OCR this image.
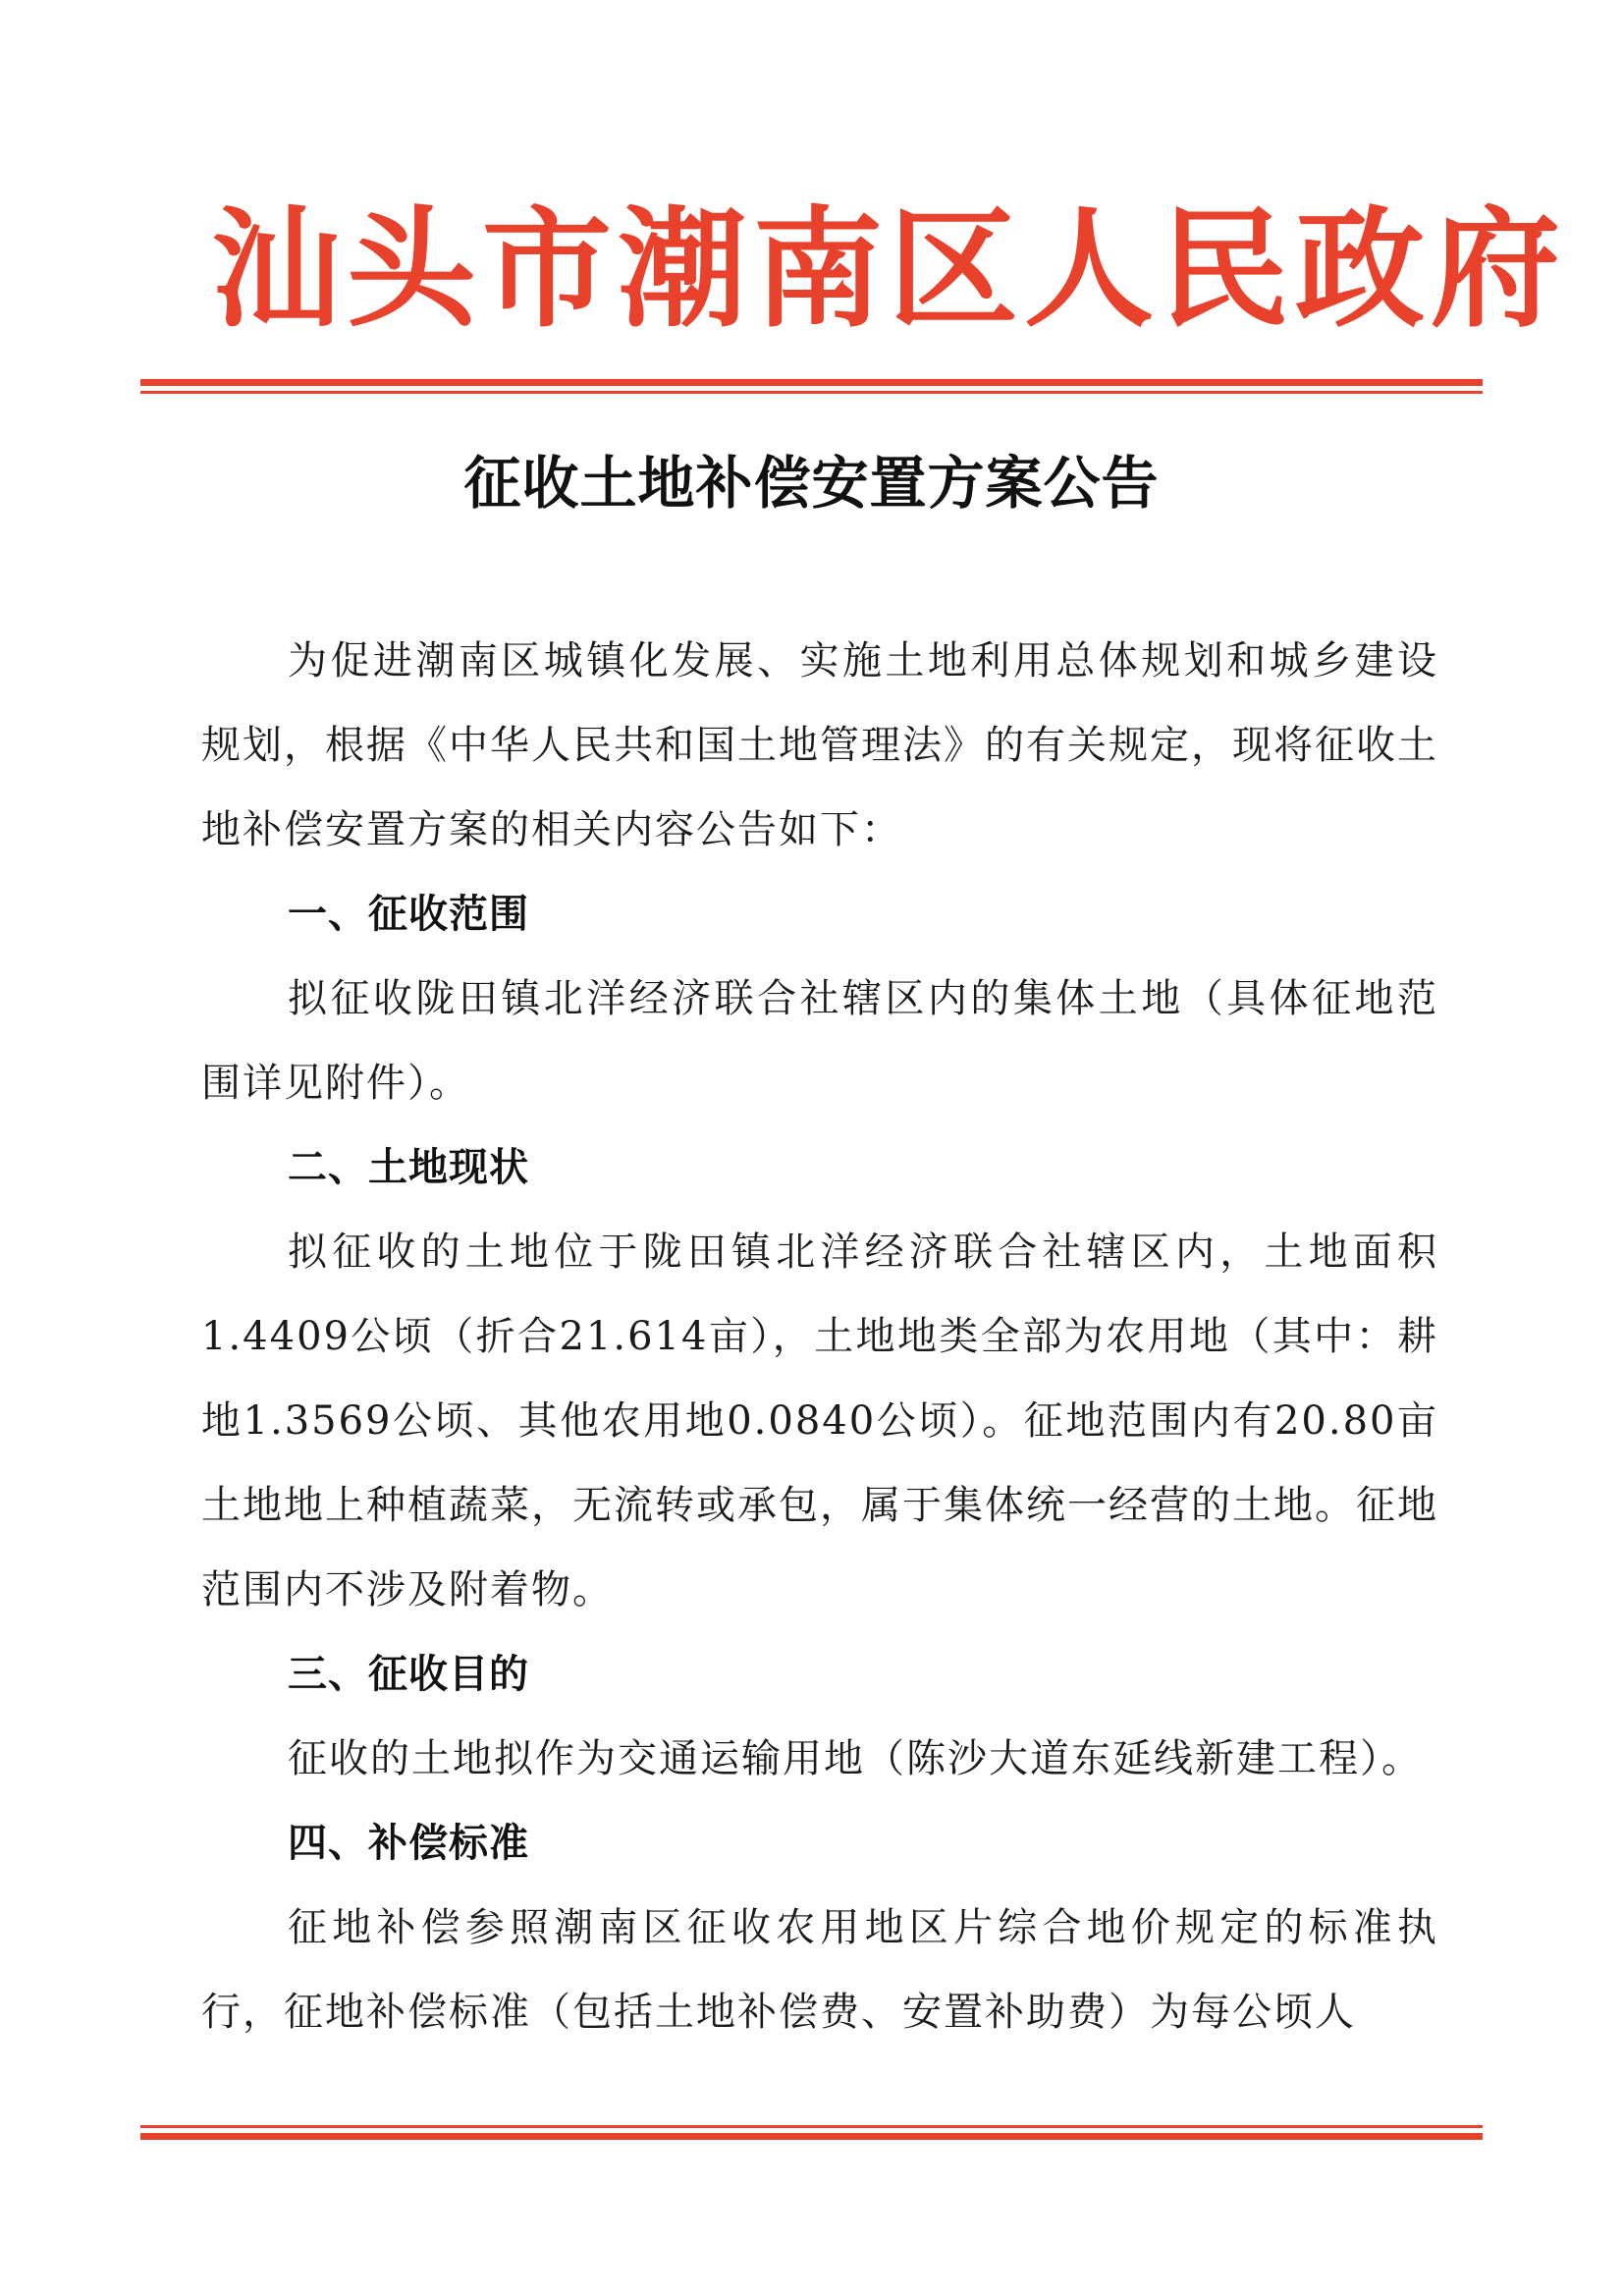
汕头市潮南区人民政府
征收土地补偿安置方案公告

为促进潮南区城镇化发展、实施土地利用总体规划和城乡建设规划，根据《中华人民共和国土地管理法》的有关规定，现将征收土地补偿安置方案的相关内容公告如下：

一、征收范围

拟征收陇田镇北洋经济联合社辖区内的集体土地（具体征地范围详见附件）。

二、土地现状

拟征收的土地位于陇田镇北洋经济联合社辖区内，土地面积1.4409公顷（折合21.614亩），土地地类全部为农用地（其中：耕地1.3569公顷、其他农用地0.0840公顷）。征地范围内有20.80亩土地地上种植蔬菜，无流转或承包，属于集体统一经营的土地。征地范围内不涉及附着物。

三、征收目的

征收的土地拟作为交通运输用地（陈沙大道东延线新建工程）。

四、补偿标准

征地补偿参照潮南区征收农用地区片综合地价规定的标准执行，征地补偿标准（包括土地补偿费、安置补助费）为每公顷人
